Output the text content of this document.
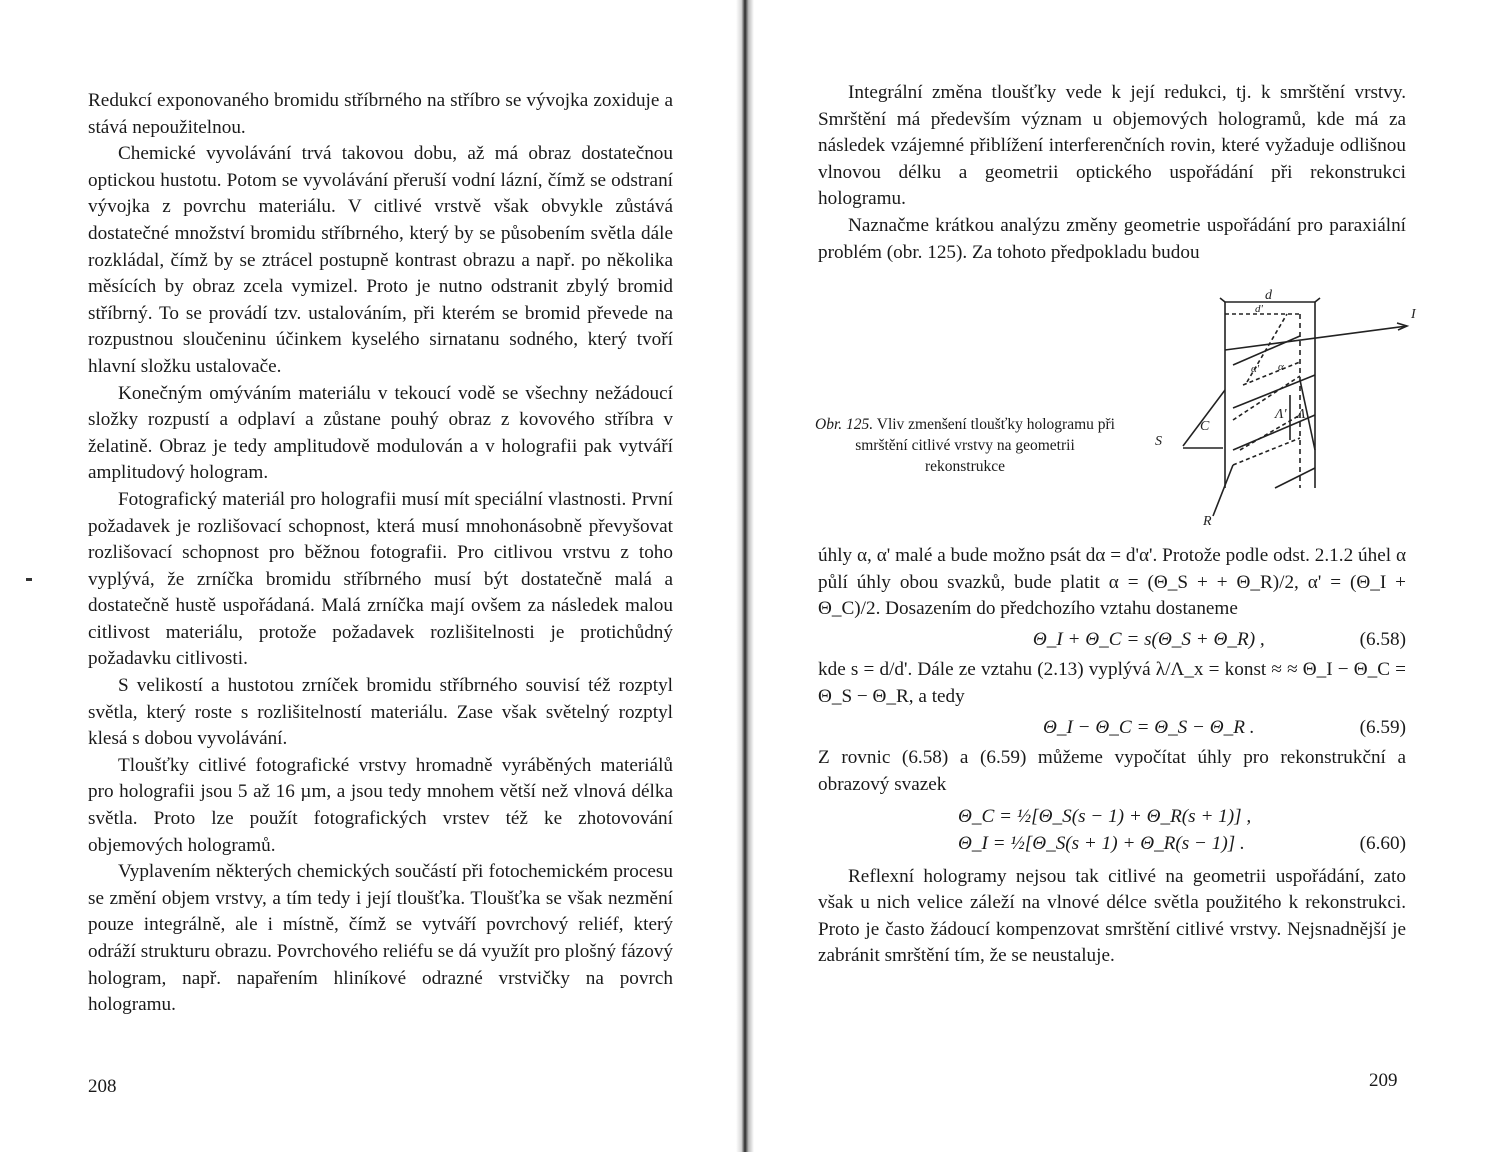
Redukcí exponovaného bromidu stříbrného na stříbro se vývojka zoxiduje a stává nepoužitelnou.

Chemické vyvolávání trvá takovou dobu, až má obraz dostatečnou optickou hustotu. Potom se vyvolávání přeruší vodní lázní, čímž se odstraní vývojka z povrchu materiálu. V citlivé vrstvě však obvykle zůstává dostatečné množství bromidu stříbrného, který by se působením světla dále rozkládal, čímž by se ztrácel postupně kontrast obrazu a např. po několika měsících by obraz zcela vymizel. Proto je nutno odstranit zbylý bromid stříbrný. To se provádí tzv. ustalováním, při kterém se bromid převede na rozpustnou sloučeninu účinkem kyselého sirnatanu sodného, který tvoří hlavní složku ustalovače.

Konečným omýváním materiálu v tekoucí vodě se všechny nežádoucí složky rozpustí a odplaví a zůstane pouhý obraz z kovového stříbra v želatině. Obraz je tedy amplitudově modulován a v holografii pak vytváří amplitudový hologram.

Fotografický materiál pro holografii musí mít speciální vlastnosti. První požadavek je rozlišovací schopnost, která musí mnohonásobně převyšovat rozlišovací schopnost pro běžnou fotografii. Pro citlivou vrstvu z toho vyplývá, že zrníčka bromidu stříbrného musí být dostatečně malá a dostatečně hustě uspořádaná. Malá zrníčka mají ovšem za následek malou citlivost materiálu, protože požadavek rozlišitelnosti je protichůdný požadavku citlivosti.

S velikostí a hustotou zrníček bromidu stříbrného souvisí též rozptyl světla, který roste s rozlišitelností materiálu. Zase však světelný rozptyl klesá s dobou vyvolávání.

Tloušťky citlivé fotografické vrstvy hromadně vyráběných materiálů pro holografii jsou 5 až 16 µm, a jsou tedy mnohem větší než vlnová délka světla. Proto lze použít fotografických vrstev též ke zhotovování objemových hologramů.

Vyplavením některých chemických součástí při fotochemickém procesu se změní objem vrstvy, a tím tedy i její tloušťka. Tloušťka se však nezmění pouze integrálně, ale i místně, čímž se vytváří povrchový reliéf, který odráží strukturu obrazu. Povrchového reliéfu se dá využít pro plošný fázový hologram, např. napařením hliníkové odrazné vrstvičky na povrch hologramu.

208

Integrální změna tloušťky vede k její redukci, tj. k smrštění vrstvy. Smrštění má především význam u objemových hologramů, kde má za následek vzájemné přiblížení interferenčních rovin, které vyžaduje odlišnou vlnovou délku a geometrii optického uspořádání při rekonstrukci hologramu.

Naznačme krátkou analýzu změny geometrie uspořádání pro paraxiální problém (obr. 125). Za tohoto předpokladu budou

Obr. 125. Vliv zmenšení tloušťky hologramu při smrštění citlivé vrstvy na geometrii rekonstrukce
d
d'	I
α' α
Λ' Λ
C
S
R

úhly α, α' malé a bude možno psát dα = d'α'. Protože podle odst. 2.1.2 úhel α půlí úhly obou svazků, bude platit α = (Θ_S + + Θ_R)/2, α' = (Θ_I + Θ_C)/2. Dosazením do předchozího vztahu dostaneme

Θ_I + Θ_C = s(Θ_S + Θ_R) ,	(6.58)

kde s = d/d'. Dále ze vztahu (2.13) vyplývá λ/Λ_x = konst ≈ ≈ Θ_I − Θ_C = Θ_S − Θ_R, a tedy

Θ_I − Θ_C = Θ_S − Θ_R .	(6.59)

Z rovnic (6.58) a (6.59) můžeme vypočítat úhly pro rekonstrukční a obrazový svazek

Θ_C = ½[Θ_S(s − 1) + Θ_R(s + 1)] ,
Θ_I = ½[Θ_S(s + 1) + Θ_R(s − 1)] .	(6.60)

Reflexní hologramy nejsou tak citlivé na geometrii uspořádání, zato však u nich velice záleží na vlnové délce světla použitého k rekonstrukci. Proto je často žádoucí kompenzovat smrštění citlivé vrstvy. Nejsnadnější je zabránit smrštění tím, že se neustaluje.

209
